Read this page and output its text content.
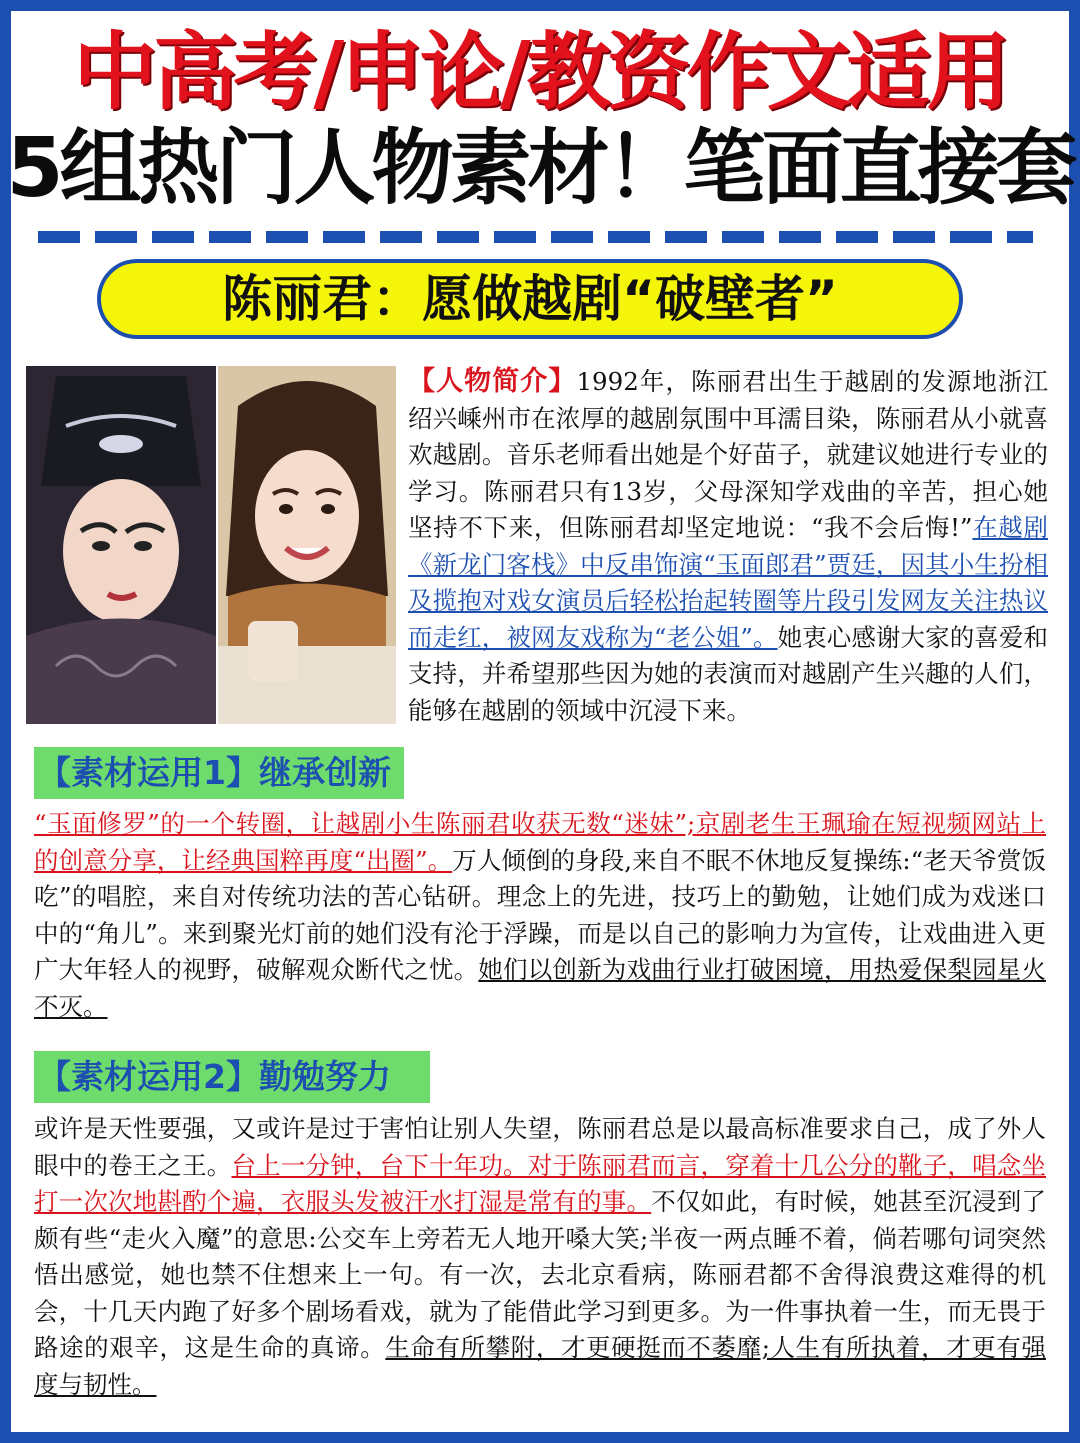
中高考/申论/教资作文适用
5组热门人物素材！笔面直接套
陈丽君：愿做越剧“破壁者”
【人物简介】1992年，陈丽君出生于越剧的发源地浙江绍兴嵊州市在浓厚的越剧氛围中耳濡目染，陈丽君从小就喜欢越剧。音乐老师看出她是个好苗子，就建议她进行专业的学习。陈丽君只有13岁，父母深知学戏曲的辛苦，担心她坚持不下来，但陈丽君却坚定地说：“我不会后悔!”在越剧《新龙门客栈》中反串饰演“玉面郎君”贾廷，因其小生扮相及揽抱对戏女演员后轻松抬起转圈等片段引发网友关注热议而走红，被网友戏称为“老公姐”。她衷心感谢大家的喜爱和支持，并希望那些因为她的表演而对越剧产生兴趣的人们，能够在越剧的领域中沉浸下来。
【素材运用1】继承创新
“玉面修罗”的一个转圈，让越剧小生陈丽君收获无数“迷妹”;京剧老生王珮瑜在短视频网站上的创意分享，让经典国粹再度“出圈”。万人倾倒的身段,来自不眠不休地反复操练:“老天爷赏饭吃”的唱腔，来自对传统功法的苦心钻研。理念上的先进，技巧上的勤勉，让她们成为戏迷口中的“角儿”。来到聚光灯前的她们没有沦于浮躁，而是以自己的影响力为宣传，让戏曲进入更广大年轻人的视野，破解观众断代之忧。她们以创新为戏曲行业打破困境，用热爱保梨园星火不灭。
【素材运用2】勤勉努力
或许是天性要强，又或许是过于害怕让别人失望，陈丽君总是以最高标准要求自己，成了外人眼中的卷王之王。台上一分钟，台下十年功。对于陈丽君而言，穿着十几公分的靴子，唱念坐打一次次地斟酌个遍，衣服头发被汗水打湿是常有的事。不仅如此，有时候，她甚至沉浸到了颇有些“走火入魔”的意思:公交车上旁若无人地开嗓大笑;半夜一两点睡不着，倘若哪句词突然悟出感觉，她也禁不住想来上一句。有一次，去北京看病，陈丽君都不舍得浪费这难得的机会，十几天内跑了好多个剧场看戏，就为了能借此学习到更多。为一件事执着一生，而无畏于路途的艰辛，这是生命的真谛。生命有所攀附，才更硬挺而不萎靡;人生有所执着，才更有强度与韧性。
